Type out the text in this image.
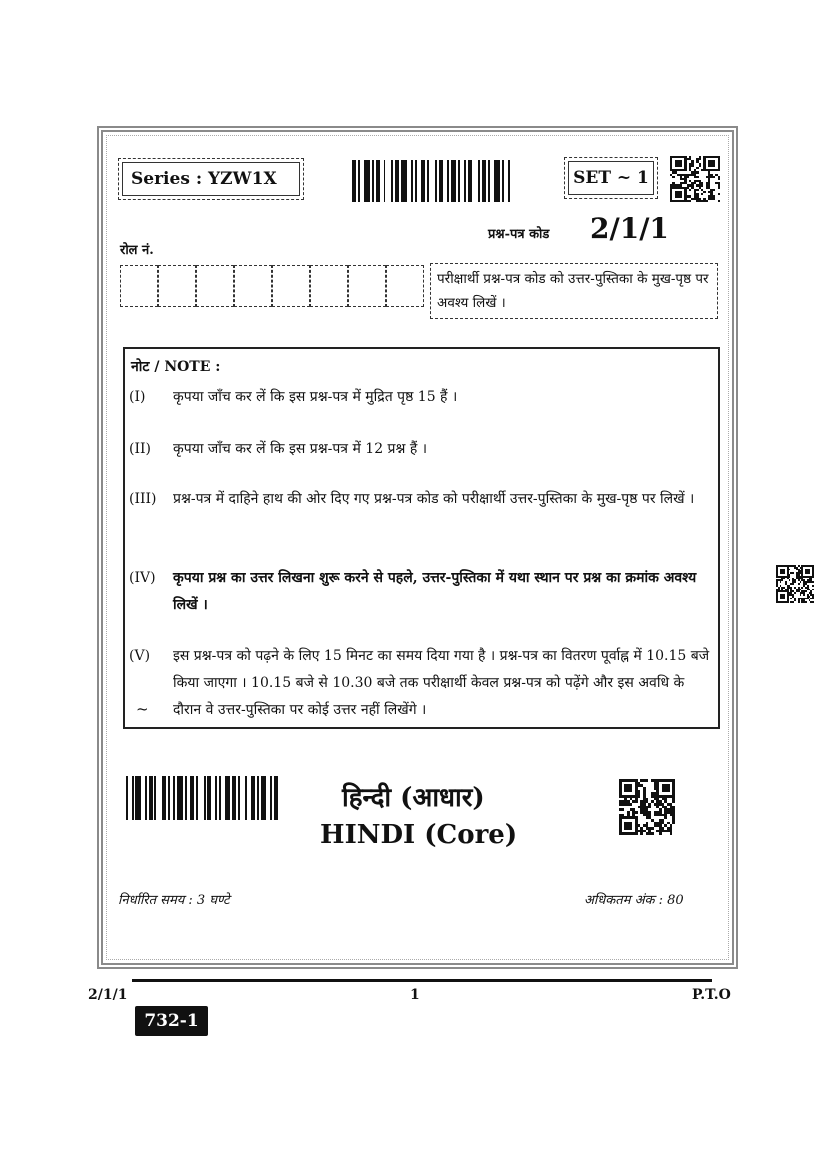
Series : YZW1X	SET ~ 1
प्रश्न-पत्र कोड 2/1/1
रोल नं.
परीक्षार्थी प्रश्न-पत्र कोड को उत्तर-पुस्तिका के मुख-पृष्ठ पर अवश्य लिखें ।
नोट / NOTE :
(I) कृपया जाँच कर लें कि इस प्रश्न-पत्र में मुद्रित पृष्ठ 15 हैं ।
(II) कृपया जाँच कर लें कि इस प्रश्न-पत्र में 12 प्रश्न हैं ।
(III) प्रश्न-पत्र में दाहिने हाथ की ओर दिए गए प्रश्न-पत्र कोड को परीक्षार्थी उत्तर-पुस्तिका के मुख-पृष्ठ पर लिखें ।
(IV) कृपया प्रश्न का उत्तर लिखना शुरू करने से पहले, उत्तर-पुस्तिका में यथा स्थान पर प्रश्न का क्रमांक अवश्य लिखें ।
(V) इस प्रश्न-पत्र को पढ़ने के लिए 15 मिनट का समय दिया गया है । प्रश्न-पत्र का वितरण पूर्वाह्न में 10.15 बजे किया जाएगा । 10.15 बजे से 10.30 बजे तक परीक्षार्थी केवल प्रश्न-पत्र को पढ़ेंगे और इस अवधि के दौरान वे उत्तर-पुस्तिका पर कोई उत्तर नहीं लिखेंगे ।
~
हिन्दी (आधार)
HINDI (Core)
निर्धारित समय : 3 घण्टे	अधिकतम अंक : 80
2/1/1	1	P.T.O
732-1
